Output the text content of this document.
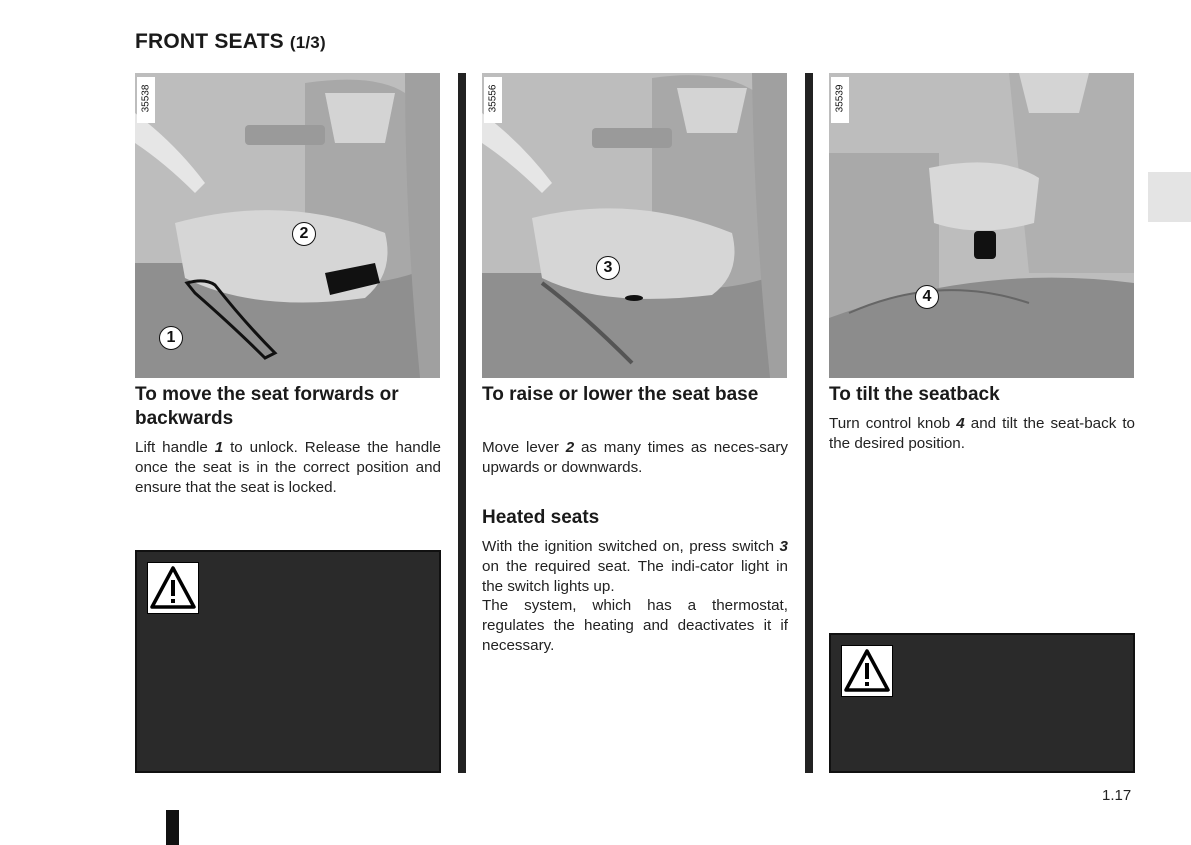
FRONT SEATS (1/3)
35538
2
1
35556
3
35539
4
To move the seat forwards or backwards

Lift handle 1 to unlock. Release the handle once the seat is in the correct position and ensure that the seat is locked.

To raise or lower the seat base

Move lever 2 as many times as neces-sary upwards or downwards.

Heated seats

With the ignition switched on, press switch 3 on the required seat. The indi-cator light in the switch lights up.

The system, which has a thermostat, regulates the heating and deactivates it if necessary.

To tilt the seatback

Turn control knob 4 and tilt the seat-back to the desired position.

1.17
